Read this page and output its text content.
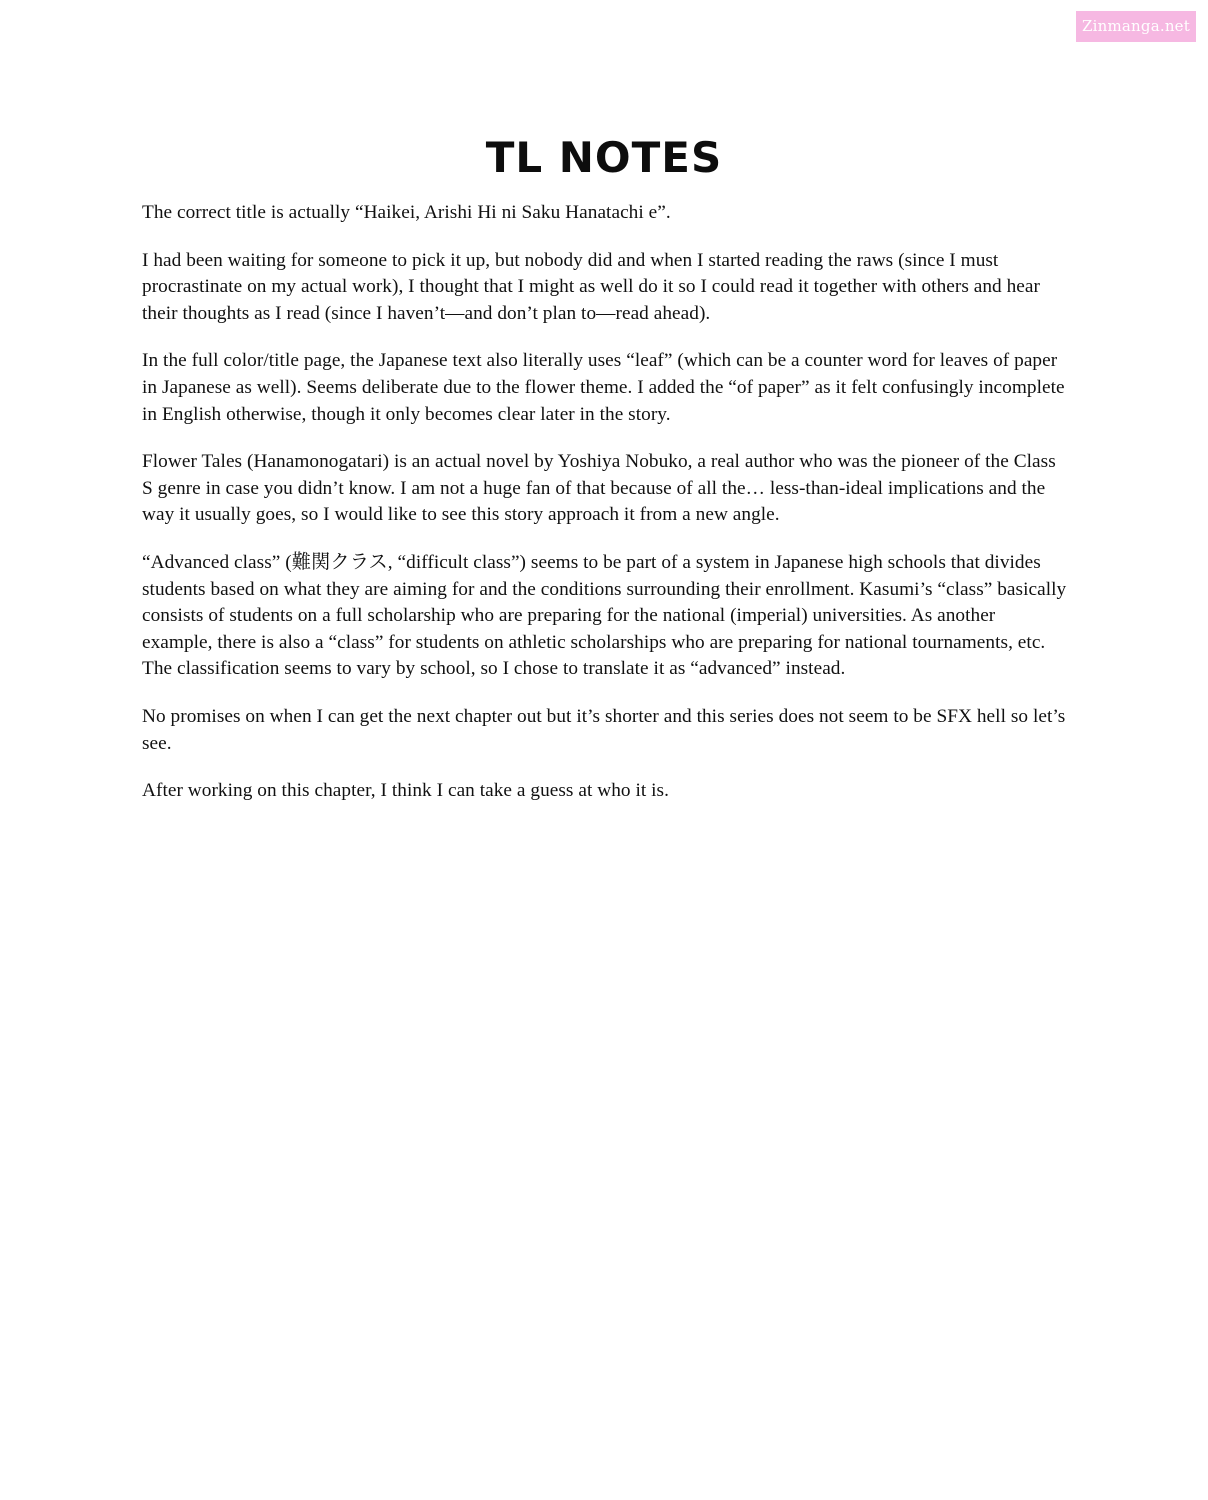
Zinmanga.net
TL NOTES

The correct title is actually “Haikei, Arishi Hi ni Saku Hanatachi e”.

I had been waiting for someone to pick it up, but nobody did and when I started reading the raws (since I must procrastinate on my actual work), I thought that I might as well do it so I could read it together with others and hear their thoughts as I read (since I haven’t—and don’t plan to—read ahead).

In the full color/title page, the Japanese text also literally uses “leaf” (which can be a counter word for leaves of paper in Japanese as well). Seems deliberate due to the flower theme. I added the “of paper” as it felt confusingly incomplete in English otherwise, though it only becomes clear later in the story.

Flower Tales (Hanamonogatari) is an actual novel by Yoshiya Nobuko, a real author who was the pioneer of the Class S genre in case you didn’t know. I am not a huge fan of that because of all the… less-than-ideal implications and the way it usually goes, so I would like to see this story approach it from a new angle.

“Advanced class” (難関クラス, “difficult class”) seems to be part of a system in Japanese high schools that divides students based on what they are aiming for and the conditions surrounding their enrollment. Kasumi’s “class” basically consists of students on a full scholarship who are preparing for the national (imperial) universities. As another example, there is also a “class” for students on athletic scholarships who are preparing for national tournaments, etc. The classification seems to vary by school, so I chose to translate it as “advanced” instead.

No promises on when I can get the next chapter out but it’s shorter and this series does not seem to be SFX hell so let’s see.

After working on this chapter, I think I can take a guess at who it is.
